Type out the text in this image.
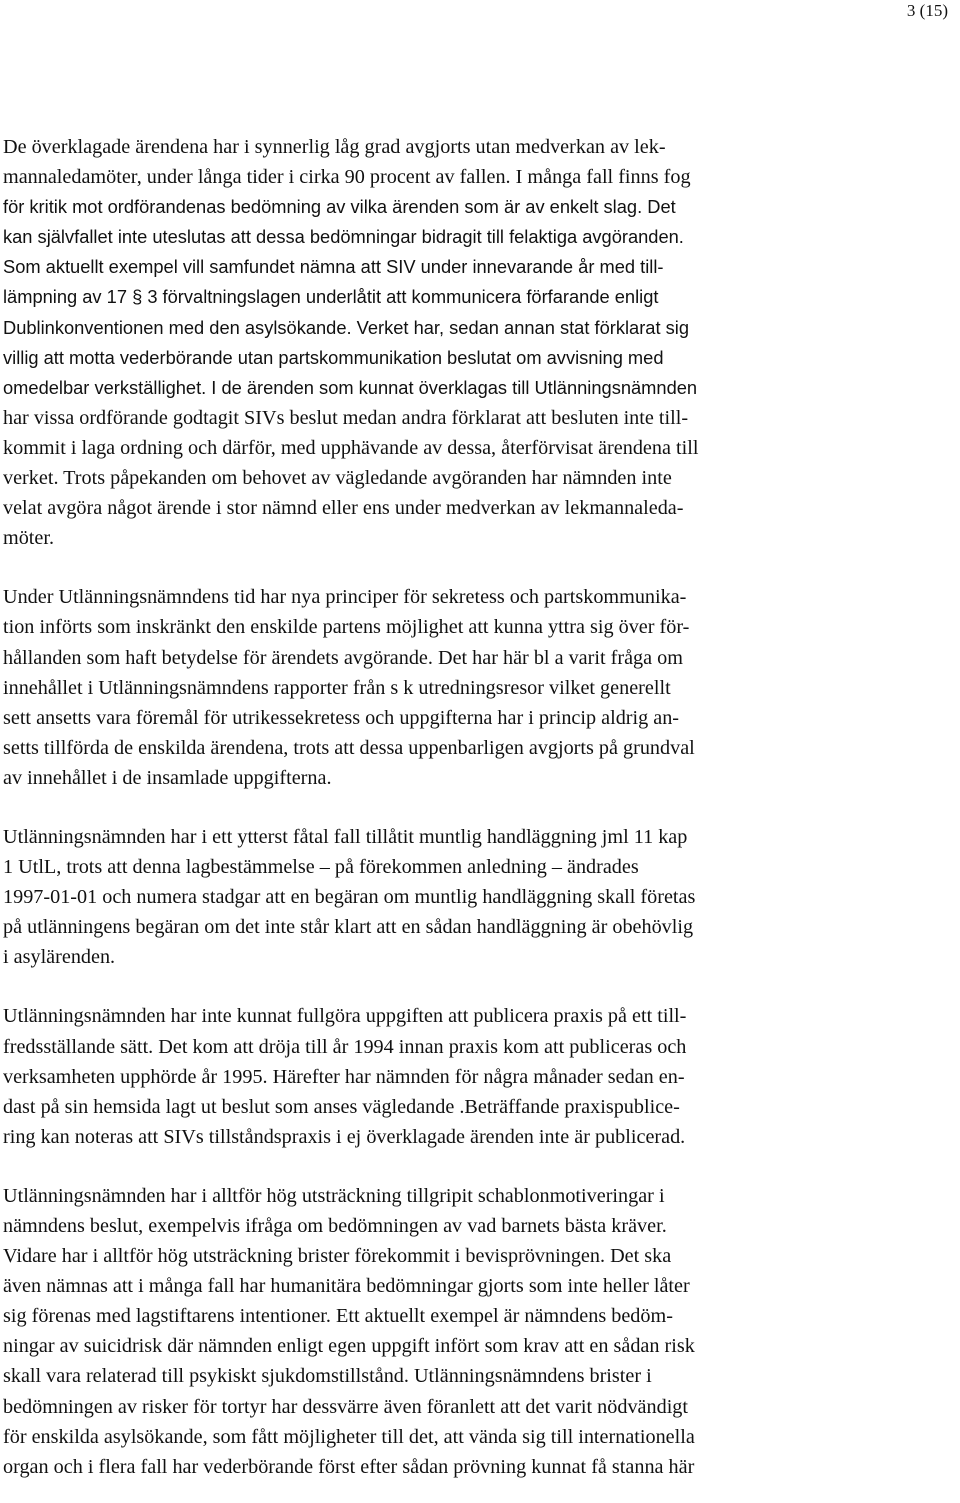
3 (15)
De överklagade ärendena har i synnerlig låg grad avgjorts utan medverkan av lek-
mannaledamöter, under långa tider i cirka 90 procent av fallen. I många fall finns fog
för kritik mot ordförandenas bedömning av vilka ärenden som är av enkelt slag. Det
kan självfallet inte uteslutas att dessa bedömningar bidragit till felaktiga avgöranden.
Som aktuellt exempel vill samfundet nämna att SIV under innevarande år med till-
lämpning av 17 § 3 förvaltningslagen underlåtit att kommunicera förfarande enligt
Dublinkonventionen med den asylsökande. Verket har, sedan annan stat förklarat sig
villig att motta vederbörande utan partskommunikation beslutat om avvisning med
omedelbar verkställighet. I de ärenden som kunnat överklagas till Utlänningsnämnden
har vissa ordförande godtagit SIVs beslut medan andra förklarat att besluten inte till-
kommit i laga ordning och därför, med upphävande av dessa, återförvisat ärendena till
verket. Trots påpekanden om behovet av vägledande avgöranden har nämnden inte
velat avgöra något ärende i stor nämnd eller ens under medverkan av lekmannaleda-
möter.
Under Utlänningsnämndens tid har nya principer för sekretess och partskommunika-
tion införts som inskränkt den enskilde partens möjlighet att kunna yttra sig över för-
hållanden som haft betydelse för ärendets avgörande. Det har här bl a varit fråga om
innehållet i Utlänningsnämndens rapporter från s k utredningsresor vilket generellt
sett ansetts vara föremål för utrikessekretess och uppgifterna har i princip aldrig an-
setts tillförda de enskilda ärendena, trots att dessa uppenbarligen avgjorts på grundval
av innehållet i de insamlade uppgifterna.
Utlänningsnämnden har i ett ytterst fåtal fall tillåtit muntlig handläggning jml 11 kap
1 UtlL, trots att denna lagbestämmelse – på förekommen anledning – ändrades
1997-01-01 och numera stadgar att en begäran om muntlig handläggning skall företas
på utlänningens begäran om det inte står klart att en sådan handläggning är obehövlig
i asylärenden.
Utlänningsnämnden har inte kunnat fullgöra uppgiften att publicera praxis på ett till-
fredsställande sätt. Det kom att dröja till år 1994 innan praxis kom att publiceras och
verksamheten upphörde år 1995. Härefter har nämnden för några månader sedan en-
dast på sin hemsida lagt ut beslut som anses vägledande .Beträffande praxispublice-
ring kan noteras att SIVs tillståndspraxis i ej överklagade ärenden inte är publicerad.
Utlänningsnämnden har i alltför hög utsträckning tillgripit schablonmotiveringar i
nämndens beslut, exempelvis ifråga om bedömningen av vad barnets bästa kräver.
Vidare har i alltför hög utsträckning brister förekommit i bevisprövningen. Det ska
även nämnas att i många fall har humanitära bedömningar gjorts som inte heller låter
sig förenas med lagstiftarens intentioner. Ett aktuellt exempel är nämndens bedöm-
ningar av suicidrisk där nämnden enligt egen uppgift infört som krav att en sådan risk
skall vara relaterad till psykiskt sjukdomstillstånd. Utlänningsnämndens brister i
bedömningen av risker för tortyr har dessvärre även föranlett att det varit nödvändigt
för enskilda asylsökande, som fått möjligheter till det, att vända sig till internationella
organ och i flera fall har vederbörande först efter sådan prövning kunnat få stanna här
